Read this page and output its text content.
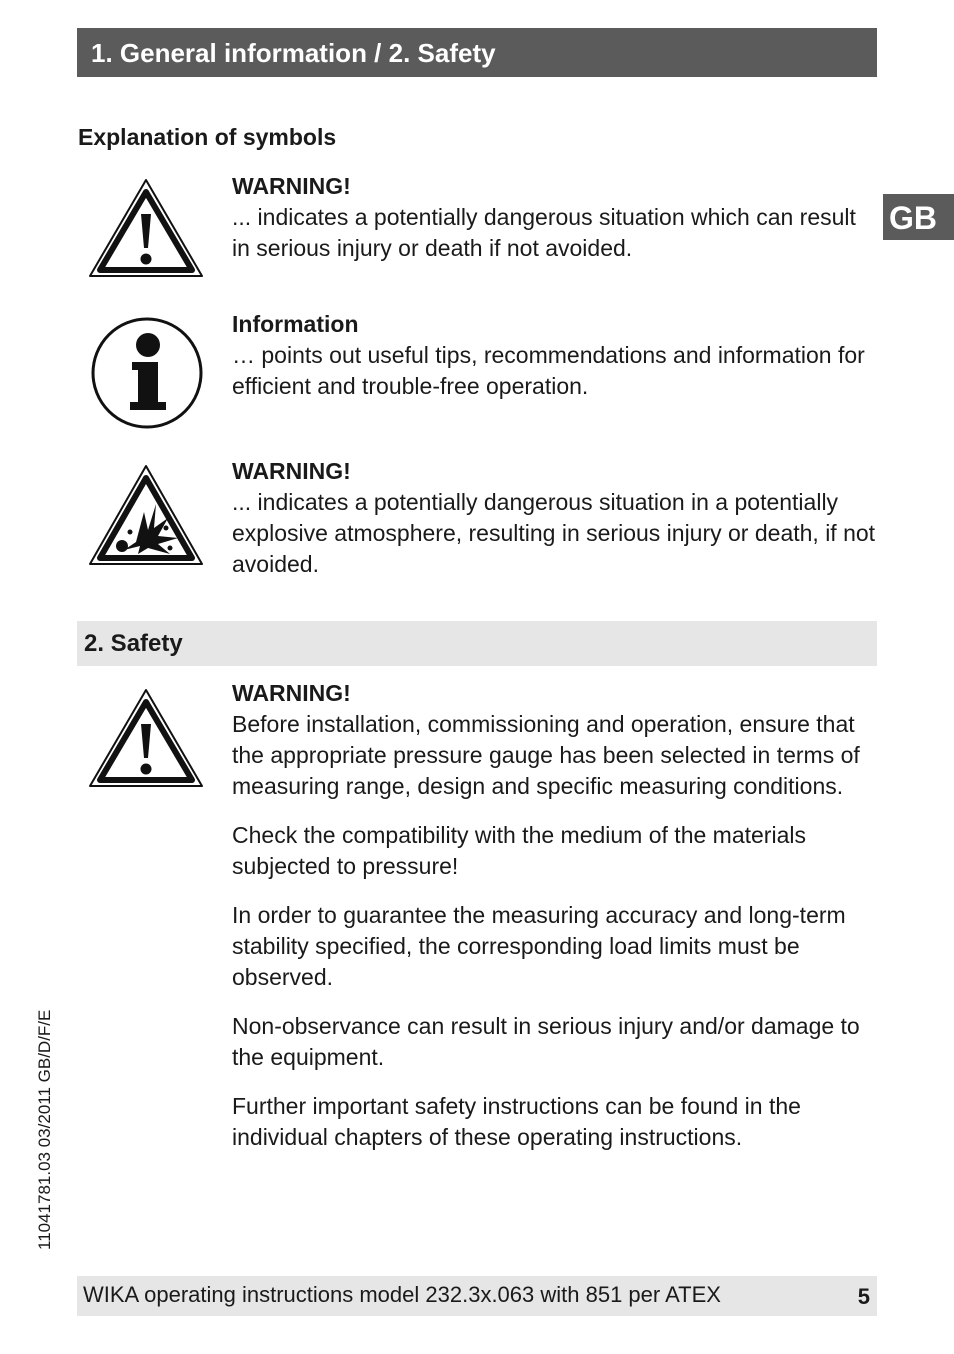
1. General information / 2. Safety
GB
Explanation of symbols
WARNING!

... indicates a potentially dangerous situation which can result in serious injury or death if not avoided.

Information

… points out useful tips, recommendations and information for efficient and trouble-free operation.

WARNING!

... indicates a potentially dangerous situation in a potentially explosive atmosphere, resulting in serious injury or death, if not avoided.

2. Safety
WARNING!

Before installation, commissioning and operation, ensure that the appropriate pressure gauge has been selected in terms of measuring range, design and specific measuring conditions.

Check the compatibility with the medium of the materials subjected to pressure!

In order to guarantee the measuring accuracy and long-term stability specified, the corresponding load limits must be observed.

Non-observance can result in serious injury and/or damage to the equipment.

Further important safety instructions can be found in the individual chapters of these operating instructions.

11041781.03 03/2011 GB/D/F/E
WIKA operating instructions model 232.3x.063 with 851 per ATEX	5
